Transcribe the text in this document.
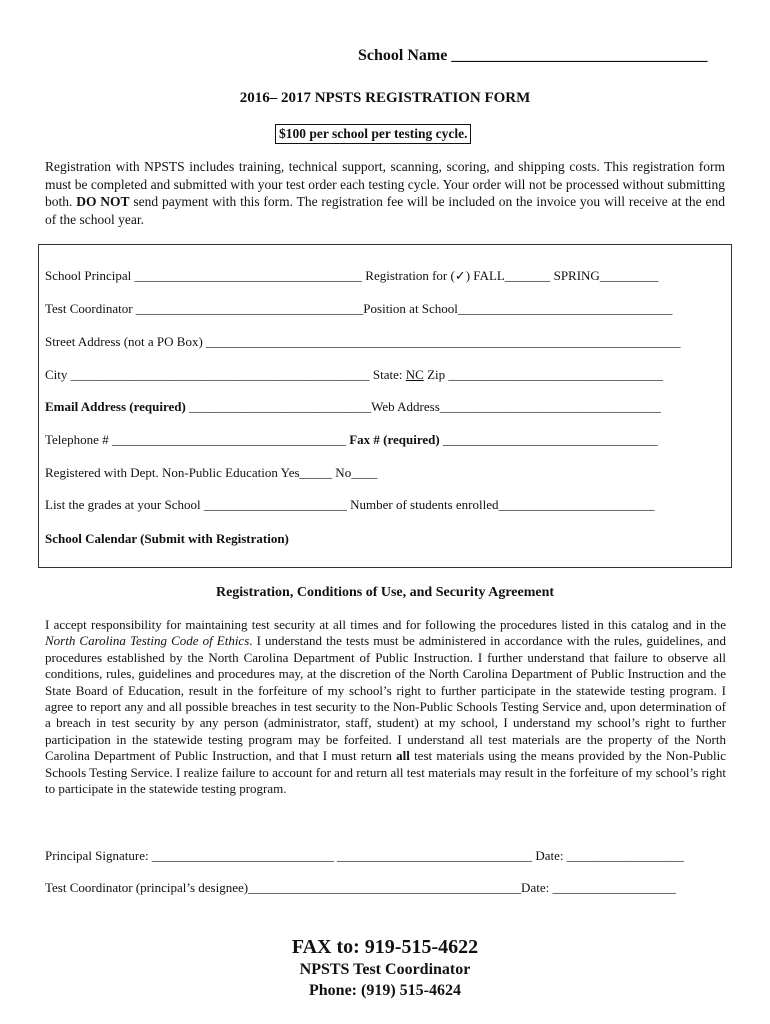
School Name ________________________________
2016– 2017 NPSTS REGISTRATION FORM
$100 per school per testing cycle.
Registration with NPSTS includes training, technical support, scanning, scoring, and shipping costs. This registration form must be completed and submitted with your test order each testing cycle. Your order will not be processed without submitting both. DO NOT send payment with this form. The registration fee will be included on the invoice you will receive at the end of the school year.
School Principal ___________________________________ Registration for (✓) FALL_______ SPRING_________
Test Coordinator ___________________________________Position at School_________________________________
Street Address (not a PO Box) _________________________________________________________________________
City ______________________________________________ State: NC Zip _________________________________
Email Address (required) ____________________________Web Address__________________________________
Telephone # ____________________________________ Fax # (required) _________________________________
Registered with Dept. Non-Public Education Yes_____ No____
List the grades at your School ______________________ Number of students enrolled________________________
School Calendar (Submit with Registration)
Registration, Conditions of Use, and Security Agreement
I accept responsibility for maintaining test security at all times and for following the procedures listed in this catalog and in the North Carolina Testing Code of Ethics. I understand the tests must be administered in accordance with the rules, guidelines, and procedures established by the North Carolina Department of Public Instruction. I further understand that failure to observe all conditions, rules, guidelines and procedures may, at the discretion of the North Carolina Department of Public Instruction and the State Board of Education, result in the forfeiture of my school’s right to further participate in the statewide testing program. I agree to report any and all possible breaches in test security to the Non-Public Schools Testing Service and, upon determination of a breach in test security by any person (administrator, staff, student) at my school, I understand my school’s right to further participation in the statewide testing program may be forfeited. I understand all test materials are the property of the North Carolina Department of Public Instruction, and that I must return all test materials using the means provided by the Non-Public Schools Testing Service. I realize failure to account for and return all test materials may result in the forfeiture of my school’s right to participate in the statewide testing program.
Principal Signature: ____________________________ ______________________________ Date: __________________
Test Coordinator (principal’s designee)__________________________________________Date: ___________________
FAX to: 919-515-4622
NPSTS Test Coordinator
Phone: (919) 515-4624
